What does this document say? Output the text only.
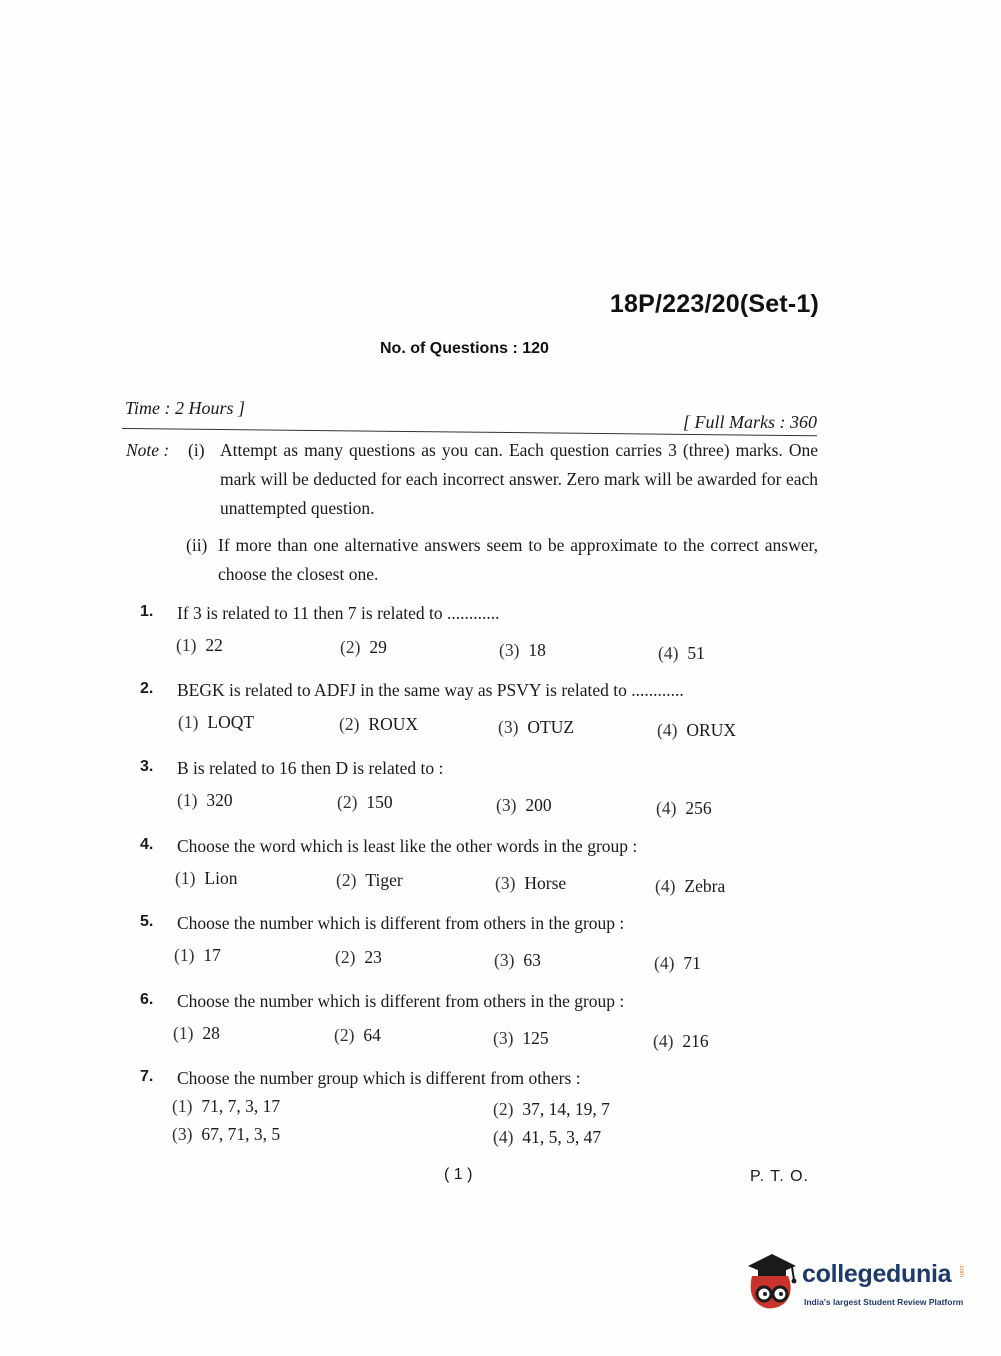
18P/223/20(Set-1)
No. of Questions : 120
Time : 2 Hours ]
[ Full Marks : 360
Note : (i) Attempt as many questions as you can. Each question carries 3 (three) marks. One mark will be deducted for each incorrect answer. Zero mark will be awarded for each unattempted question.
(ii) If more than one alternative answers seem to be approximate to the correct answer, choose the closest one.
1. If 3 is related to 11 then 7 is related to ............
(1) 22	(2) 29	(3) 18	(4) 51
2. BEGK is related to ADFJ in the same way as PSVY is related to ............
(1) LOQT	(2) ROUX	(3) OTUZ	(4) ORUX
3. B is related to 16 then D is related to :
(1) 320	(2) 150	(3) 200	(4) 256
4. Choose the word which is least like the other words in the group :
(1) Lion	(2) Tiger	(3) Horse	(4) Zebra
5. Choose the number which is different from others in the group :
(1) 17	(2) 23	(3) 63	(4) 71
6. Choose the number which is different from others in the group :
(1) 28	(2) 64	(3) 125	(4) 216
7. Choose the number group which is different from others :
(1) 71, 7, 3, 17	(2) 37, 14, 19, 7
(3) 67, 71, 3, 5	(4) 41, 5, 3, 47
( 1 )	P. T. O.
collegedunia .com
India's largest Student Review Platform
